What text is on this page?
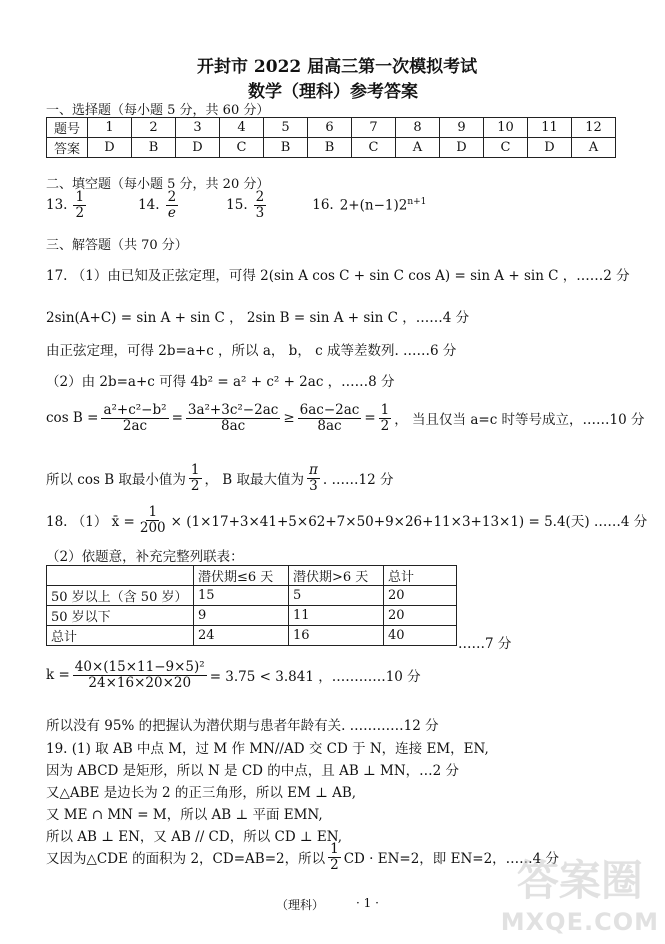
开封市 2022 届高三第一次模拟考试
数学（理科）参考答案
一、选择题（每小题 5 分，共 60 分）
题号	1	2	3	4	5	6	7	8	9	10	11	12
答案	D	B	D	C	B	B	C	A	D	C	D	A
二、填空题（每小题 5 分，共 20 分）
13. $\frac{1}{2}$	14. $\frac{2}{e}$	15. $\frac{2}{3}$	16. $2+(n-1)2^{n+1}$
三、解答题（共 70 分）
17. （1）由已知及正弦定理，可得 2(sin A cos C + sin C cos A) = sin A + sin C ，……2 分
2sin(A+C) = sin A + sin C ， 2sin B = sin A + sin C ，……4 分
由正弦定理，可得 2b=a+c ，所以 a， b， c 成等差数列. ……6 分
（2）由 2b=a+c 可得 4b² = a² + c² + 2ac ，……8 分
$\cos B = \frac{\text{a²+c²−b²}}{2ac} = \frac{\text{3a²+3c²−2ac}}{8ac} \ge \frac{6ac-2ac}{8ac} = \frac{1}{2}$ ， 当且仅当 a=c 时等号成立，……10 分
所以 cos B 取最小值为 $\frac{1}{2}$ ， B 取最大值为 $\frac{\pi}{3}$ . ……12 分
18. （1） x̄ = $\frac{1}{200} \times (1\times 17+3\times 41+5\times 62+7\times 50+9\times 26+11\times 3+13\times 1) = 5.4$(天) ……4 分
（2）依题意，补充完整列联表：
	潜伏期≤6 天	潜伏期>6 天	总计
50 岁以上（含 50 岁）	15	5	20
50 岁以下	9	11	20
总计	24	16	40
……7 分
$k = \frac{\text{40×(15×11−9×5)²}}{24\times 16\times 20\times 20} = 3.75 < 3.841$ ，…………10 分
所以没有 95% 的把握认为潜伏期与患者年龄有关. …………12 分
19. (1) 取 AB 中点 M，过 M 作 MN//AD 交 CD 于 N，连接 EM，EN,
因为 ABCD 是矩形，所以 N 是 CD 的中点，且 AB ⊥ MN，…2 分
又△ABE 是边长为 2 的正三角形，所以 EM ⊥ AB,
又 ME ∩ MN = M，所以 AB ⊥ 平面 EMN,
所以 AB ⊥ EN，又 AB // CD，所以 CD ⊥ EN,
又因为△CDE 的面积为 2，CD=AB=2，所以 $\frac{1}{2}$ CD · EN=2，即 EN=2，……4 分
（理科）	· 1 ·	答案圈
MXQE.COM
